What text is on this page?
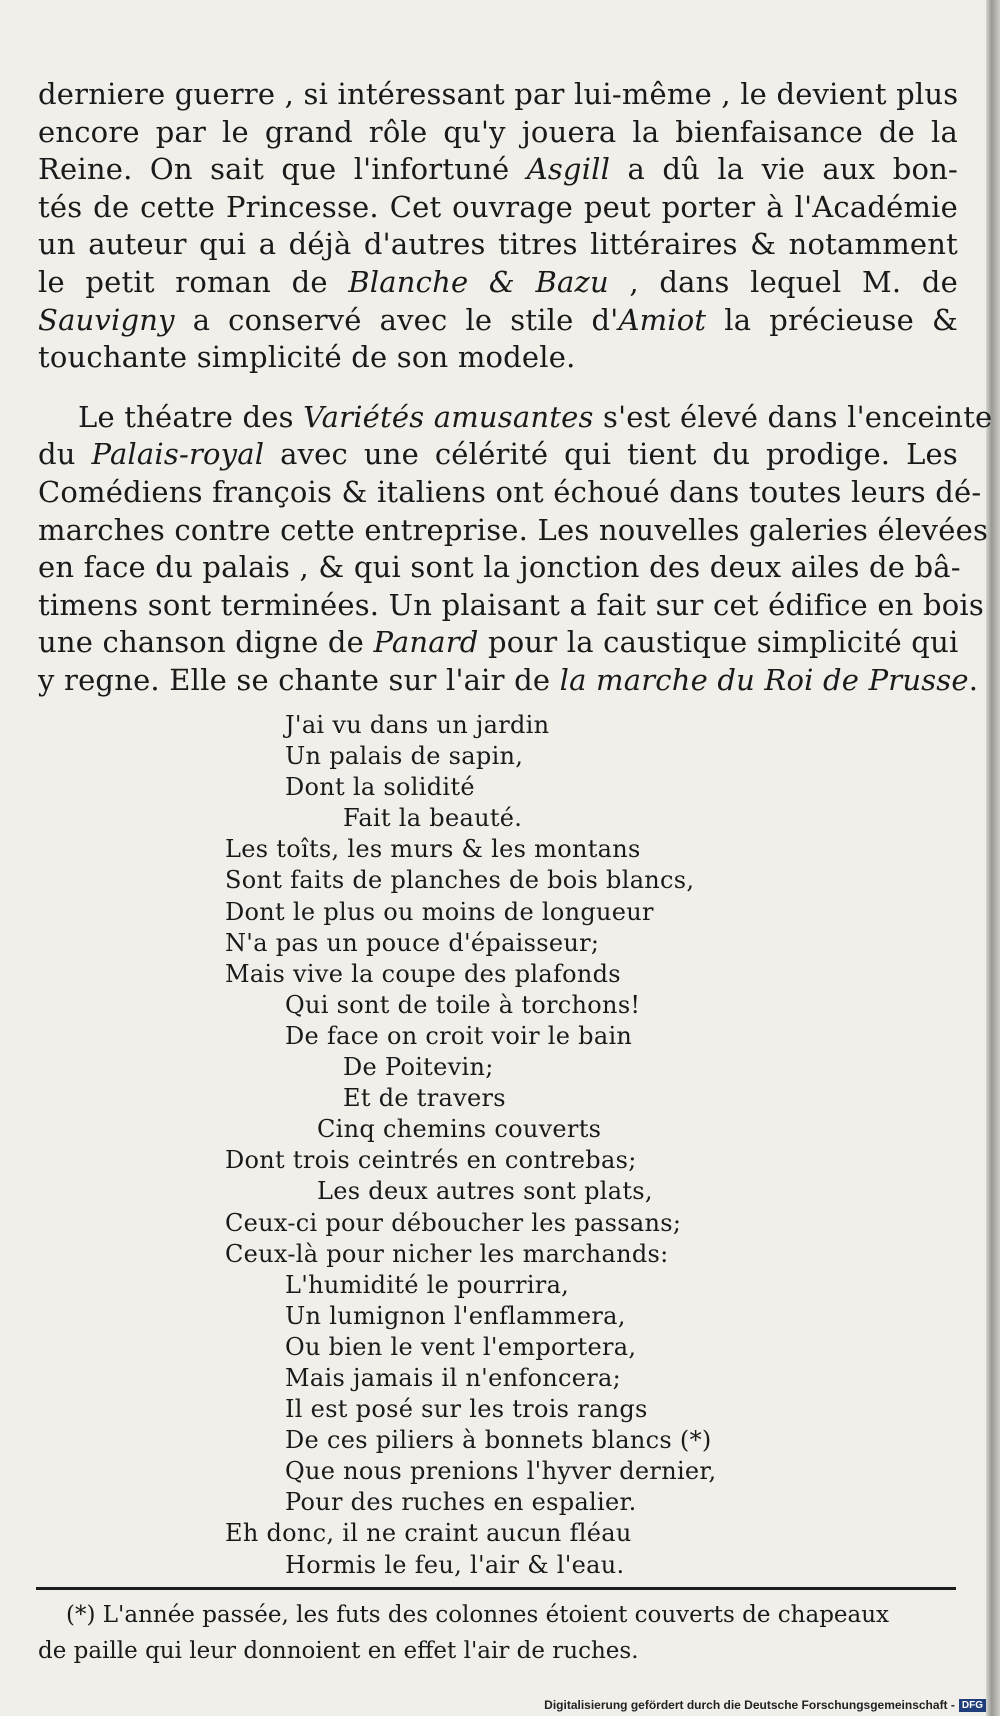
derniere guerre , si intéressant par lui-même , le devient plus
encore par le grand rôle qu'y jouera la bienfaisance de la
Reine. On sait que l'infortuné Asgill a dû la vie aux bon-
tés de cette Princesse. Cet ouvrage peut porter à l'Académie
un auteur qui a déjà d'autres titres littéraires & notamment
le petit roman de Blanche & Bazu , dans lequel M. de
Sauvigny a conservé avec le stile d'Amiot la précieuse &
touchante simplicité de son modele.

Le théatre des Variétés amusantes s'est élevé dans l'enceinte
du Palais-royal avec une célérité qui tient du prodige. Les
Comédiens françois & italiens ont échoué dans toutes leurs dé-
marches contre cette entreprise. Les nouvelles galeries élevées
en face du palais , & qui sont la jonction des deux ailes de bâ-
timens sont terminées. Un plaisant a fait sur cet édifice en bois
une chanson digne de Panard pour la caustique simplicité qui
y regne. Elle se chante sur l'air de la marche du Roi de Prusse.

J'ai vu dans un jardin
Un palais de sapin,
Dont la solidité
Fait la beauté.
Les toîts, les murs & les montans
Sont faits de planches de bois blancs,
Dont le plus ou moins de longueur
N'a pas un pouce d'épaisseur;
Mais vive la coupe des plafonds
Qui sont de toile à torchons!
De face on croit voir le bain
De Poitevin;
Et de travers
Cinq chemins couverts
Dont trois ceintrés en contrebas;
Les deux autres sont plats,
Ceux-ci pour déboucher les passans;
Ceux-là pour nicher les marchands:
L'humidité le pourrira,
Un lumignon l'enflammera,
Ou bien le vent l'emportera,
Mais jamais il n'enfoncera;
Il est posé sur les trois rangs
De ces piliers à bonnets blancs (*)
Que nous prenions l'hyver dernier,
Pour des ruches en espalier.
Eh donc, il ne craint aucun fléau
Hormis le feu, l'air & l'eau.
(*) L'année passée, les futs des colonnes étoient couverts de chapeaux
de paille qui leur donnoient en effet l'air de ruches.
Digitalisierung gefördert durch die Deutsche Forschungsgemeinschaft - DFG
